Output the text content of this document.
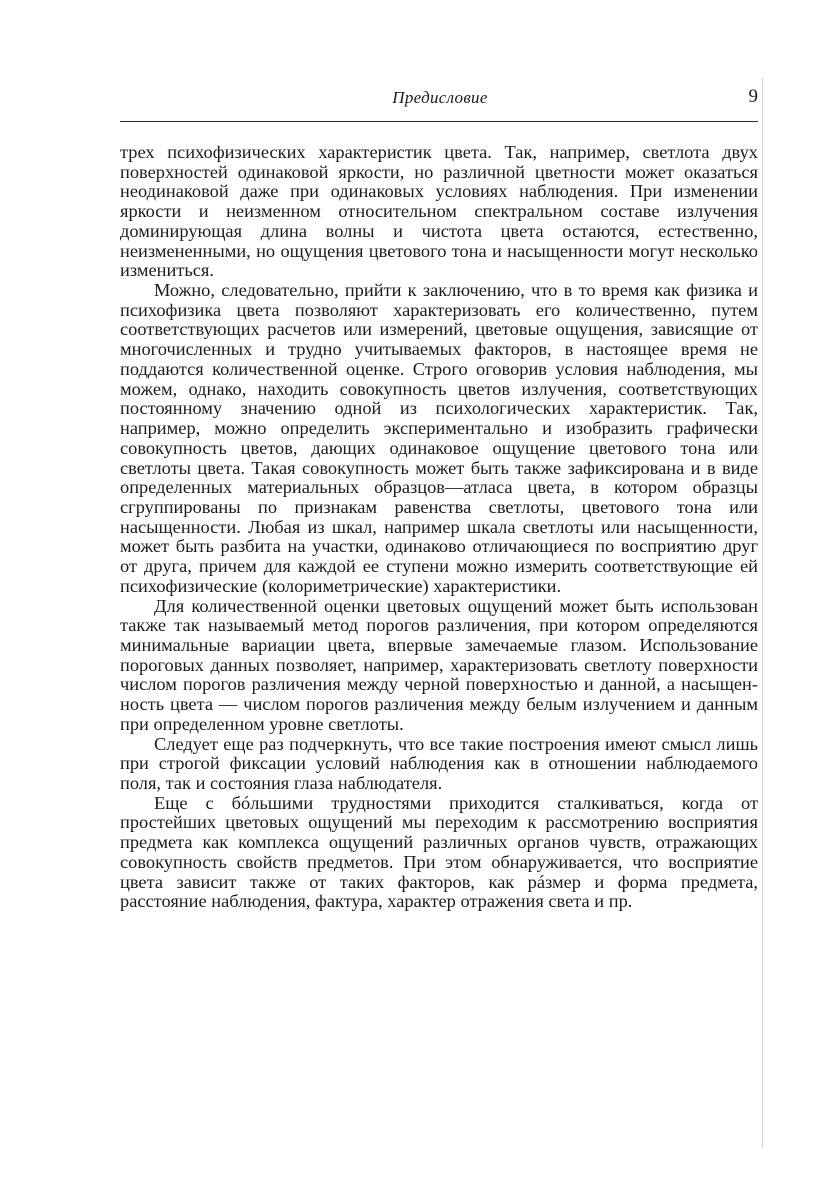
Предисловие	9

трех психофизических характеристик цвета. Так, например, светлота двух поверхностей одинаковой яркости, но различной цветности может оказаться неодинаковой даже при одинаковых условиях наблюдения. При изменении яркости и неизменном относительном спектральном составе излучения доминирующая длина волны и чистота цвета остаются, естественно, неизмененными, но ощущения цветового тона и насыщенности могут несколько измениться.

Можно, следовательно, прийти к заключению, что в то время как физика и психофизика цвета позволяют характеризовать его количественно, путем соответствующих расчетов или измерений, цветовые ощущения, зависящие от многочисленных и трудно учитываемых факторов, в настоящее время не поддаются количественной оценке. Строго оговорив условия наблюдения, мы можем, однако, находить совокупность цветов излучения, соответствующих постоянному значению одной из психологических характеристик. Так, например, можно определить экспериментально и изобразить графически совокупность цветов, дающих одинаковое ощущение цветового тона или светлоты цвета. Такая совокупность может быть также зафиксирована и в виде определенных материальных образцов—атласа цвета, в котором образцы сгруппированы по признакам равенства светлоты, цветового тона или насыщенности. Любая из шкал, например шкала светлоты или насыщенности, может быть разбита на участки, одинаково отличающиеся по восприятию друг от друга, причем для каждой ее ступени можно измерить соответствующие ей психофизические (колориметрические) характеристики.

Для количественной оценки цветовых ощущений может быть использован также так называемый метод порогов различения, при котором определяются минимальные вариации цвета, впервые замечаемые глазом. Использование пороговых данных позволяет, например, характеризовать светлоту поверхности числом порогов различения между черной поверхностью и данной, а насыщенность цвета — числом порогов различения между белым излучением и данным при определенном уровне светлоты.

Следует еще раз подчеркнуть, что все такие построения имеют смысл лишь при строгой фиксации условий наблюдения как в отношении наблюдаемого поля, так и состояния глаза наблюдателя.

Еще с бóльшими трудностями приходится сталкиваться, когда от простейших цветовых ощущений мы переходим к рассмотрению восприятия предмета как комплекса ощущений различных органов чувств, отражающих совокупность свойств предметов. При этом обнаруживается, что восприятие цвета зависит также от таких факторов, как рáзмер и форма предмета, расстояние наблюдения, фактура, характер отражения света и пр.
